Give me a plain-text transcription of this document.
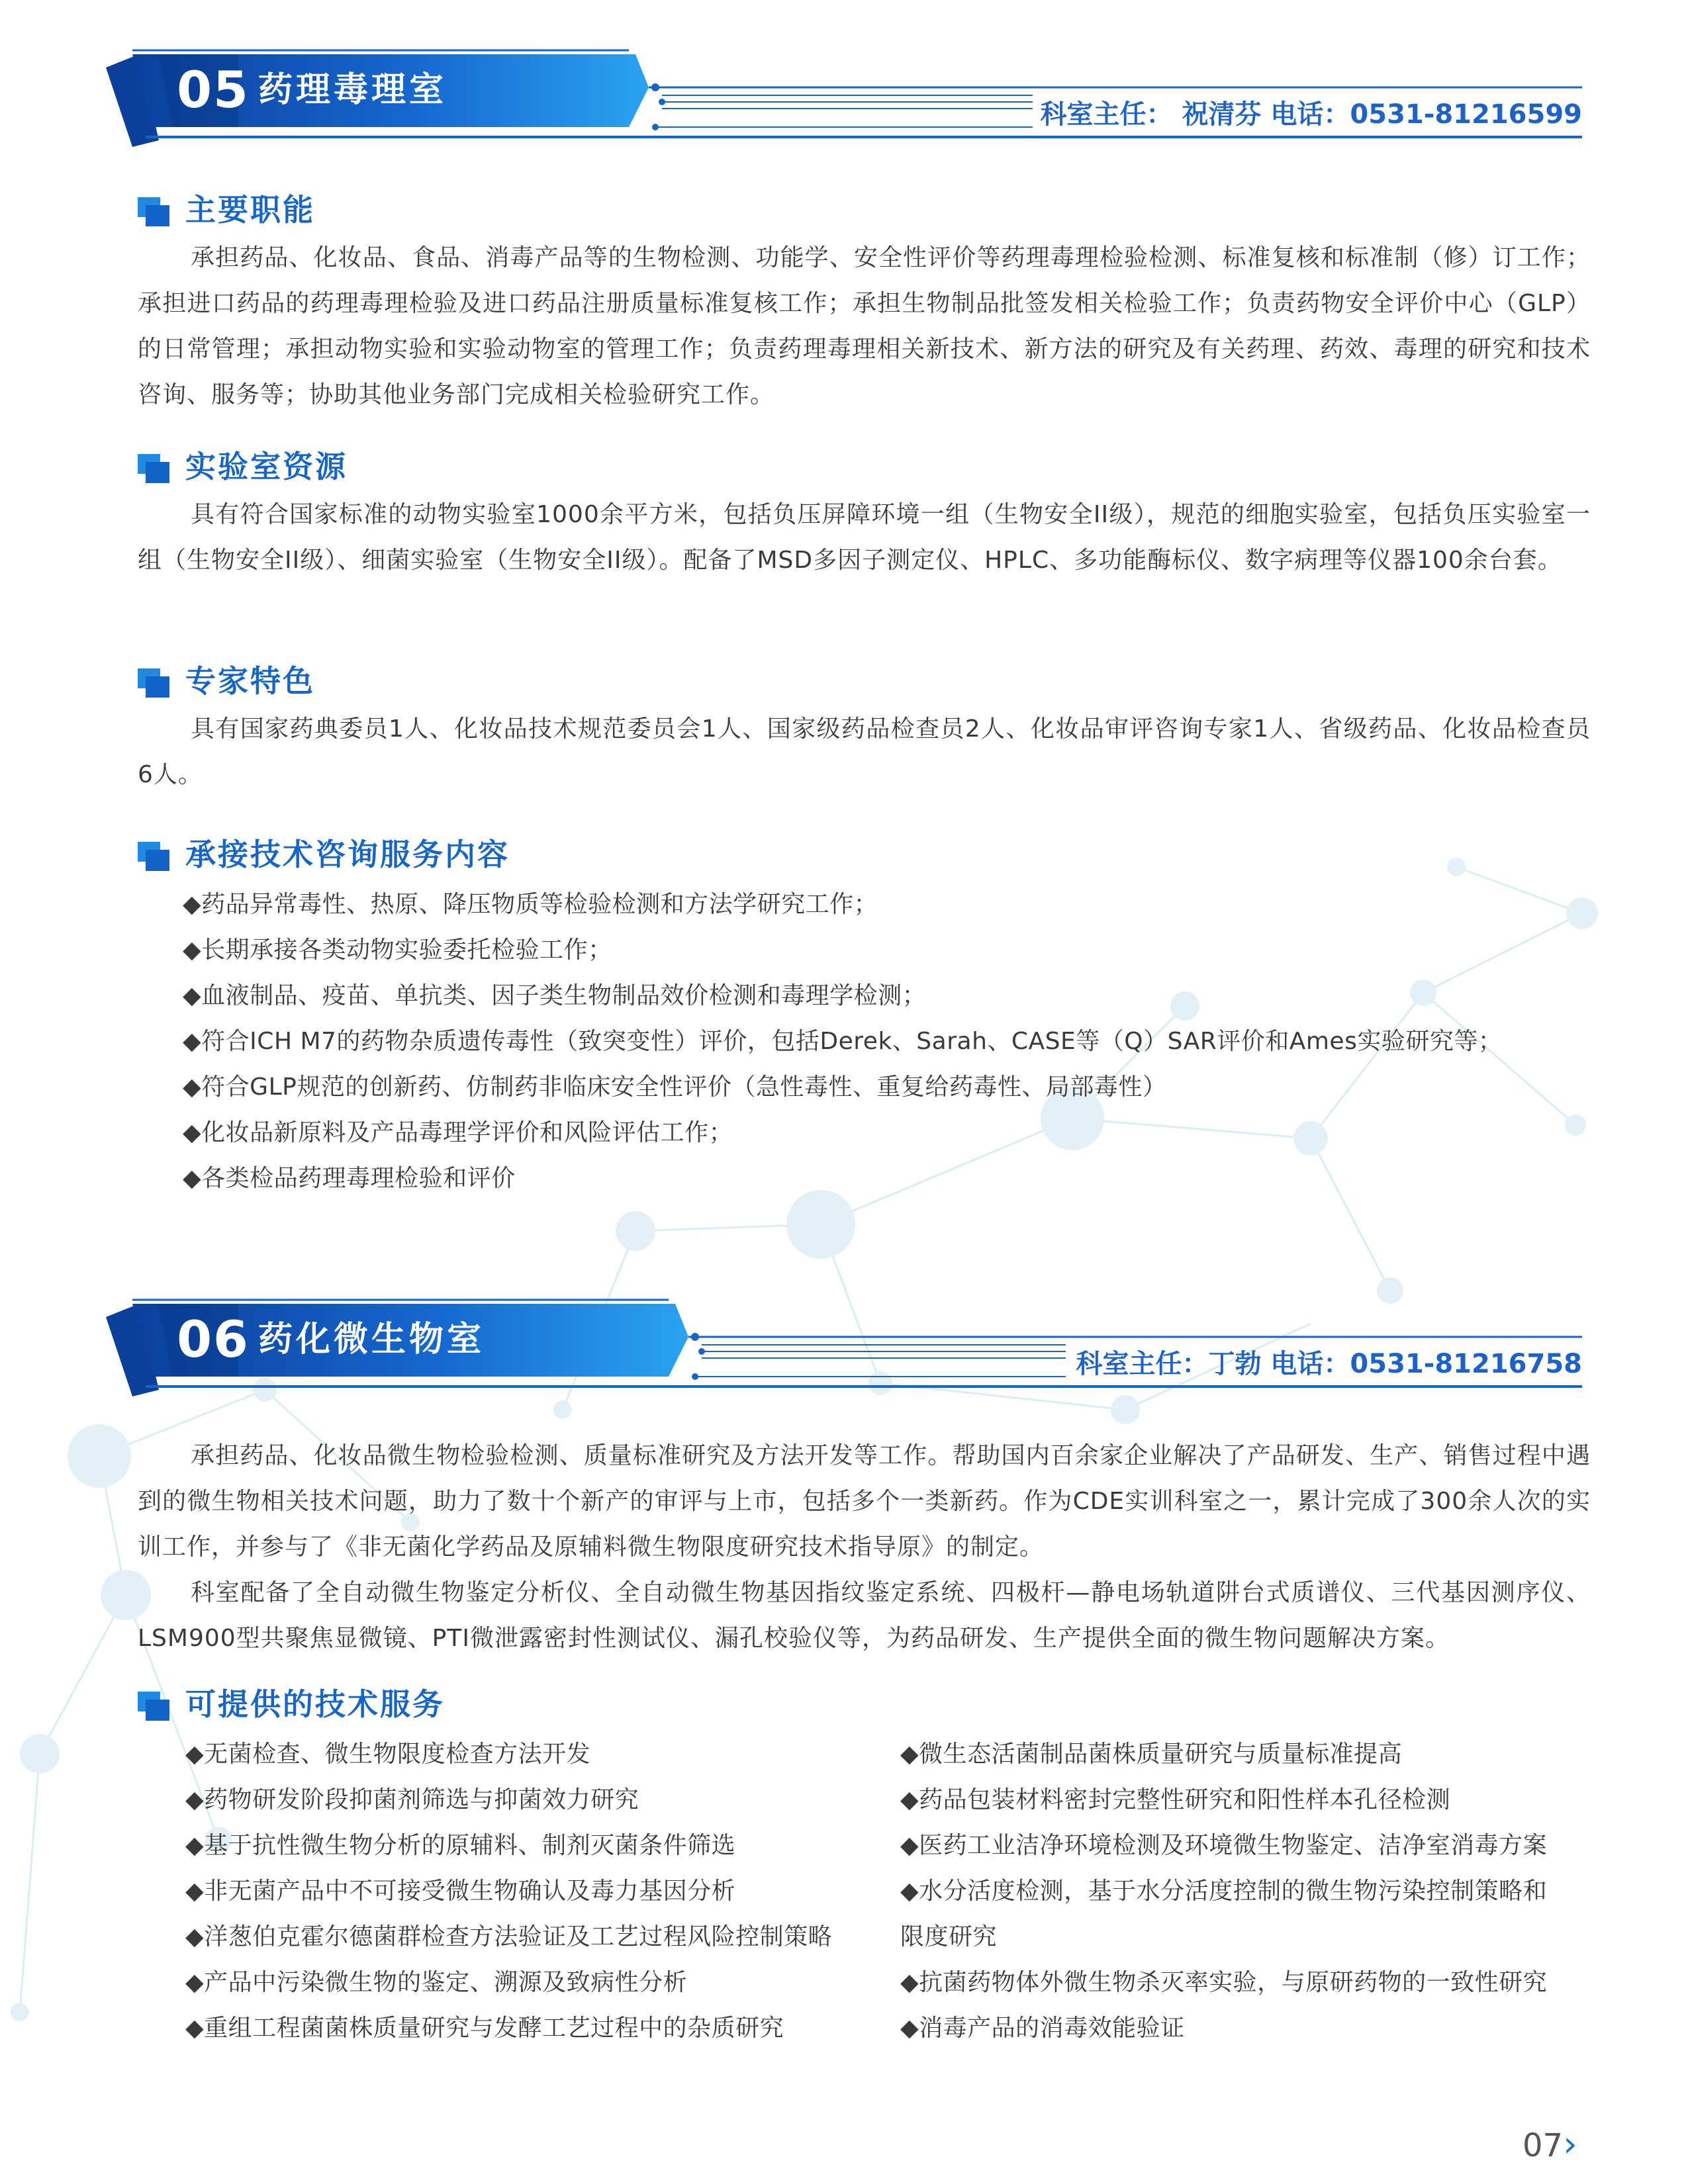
05 药理毒理室
科室主任： 祝清芬 电话：0531-81216599
主要职能
承担药品、化妆品、食品、消毒产品等的生物检测、功能学、安全性评价等药理毒理检验检测、标准复核和标准制（修）订工作；承担进口药品的药理毒理检验及进口药品注册质量标准复核工作；承担生物制品批签发相关检验工作；负责药物安全评价中心（GLP）的日常管理；承担动物实验和实验动物室的管理工作；负责药理毒理相关新技术、新方法的研究及有关药理、药效、毒理的研究和技术咨询、服务等；协助其他业务部门完成相关检验研究工作。
实验室资源
具有符合国家标准的动物实验室1000余平方米，包括负压屏障环境一组（生物安全II级），规范的细胞实验室，包括负压实验室一组（生物安全II级）、细菌实验室（生物安全II级）。配备了MSD多因子测定仪、HPLC、多功能酶标仪、数字病理等仪器100余台套。
专家特色
具有国家药典委员1人、化妆品技术规范委员会1人、国家级药品检查员2人、化妆品审评咨询专家1人、省级药品、化妆品检查员6人。
承接技术咨询服务内容
◆药品异常毒性、热原、降压物质等检验检测和方法学研究工作；
◆长期承接各类动物实验委托检验工作；
◆血液制品、疫苗、单抗类、因子类生物制品效价检测和毒理学检测；
◆符合ICH M7的药物杂质遗传毒性（致突变性）评价，包括Derek、Sarah、CASE等（Q）SAR评价和Ames实验研究等；
◆符合GLP规范的创新药、仿制药非临床安全性评价（急性毒性、重复给药毒性、局部毒性）
◆化妆品新原料及产品毒理学评价和风险评估工作；
◆各类检品药理毒理检验和评价
06 药化微生物室
科室主任：丁勃 电话：0531-81216758
承担药品、化妆品微生物检验检测、质量标准研究及方法开发等工作。帮助国内百余家企业解决了产品研发、生产、销售过程中遇到的微生物相关技术问题，助力了数十个新产的审评与上市，包括多个一类新药。作为CDE实训科室之一，累计完成了300余人次的实训工作，并参与了《非无菌化学药品及原辅料微生物限度研究技术指导原》的制定。
科室配备了全自动微生物鉴定分析仪、全自动微生物基因指纹鉴定系统、四极杆—静电场轨道阱台式质谱仪、三代基因测序仪、LSM900型共聚焦显微镜、PTI微泄露密封性测试仪、漏孔校验仪等，为药品研发、生产提供全面的微生物问题解决方案。
可提供的技术服务
◆无菌检查、微生物限度检查方法开发
◆药物研发阶段抑菌剂筛选与抑菌效力研究
◆基于抗性微生物分析的原辅料、制剂灭菌条件筛选
◆非无菌产品中不可接受微生物确认及毒力基因分析
◆洋葱伯克霍尔德菌群检查方法验证及工艺过程风险控制策略
◆产品中污染微生物的鉴定、溯源及致病性分析
◆重组工程菌菌株质量研究与发酵工艺过程中的杂质研究
◆微生态活菌制品菌株质量研究与质量标准提高
◆药品包装材料密封完整性研究和阳性样本孔径检测
◆医药工业洁净环境检测及环境微生物鉴定、洁净室消毒方案
◆水分活度检测，基于水分活度控制的微生物污染控制策略和
限度研究
◆抗菌药物体外微生物杀灭率实验，与原研药物的一致性研究
◆消毒产品的消毒效能验证
07›
